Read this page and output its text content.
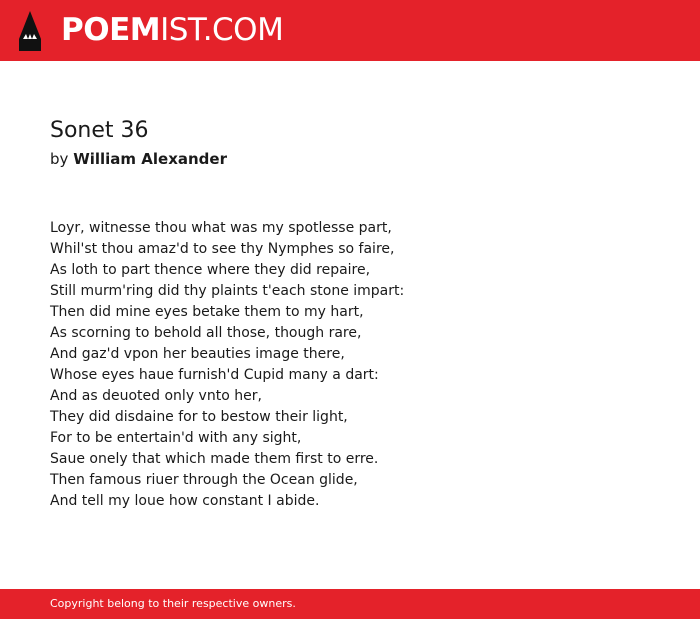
POEMIST.COM
Sonet 36
by William Alexander
Loyr, witnesse thou what was my spotlesse part,
Whil'st thou amaz'd to see thy Nymphes so faire,
As loth to part thence where they did repaire,
Still murm'ring did thy plaints t'each stone impart:
Then did mine eyes betake them to my hart,
As scorning to behold all those, though rare,
And gaz'd vpon her beauties image there,
Whose eyes haue furnish'd Cupid many a dart:
And as deuoted only vnto her,
They did disdaine for to bestow their light,
For to be entertain'd with any sight,
Saue onely that which made them first to erre.
Then famous riuer through the Ocean glide,
And tell my loue how constant I abide.
Copyright belong to their respective owners.
